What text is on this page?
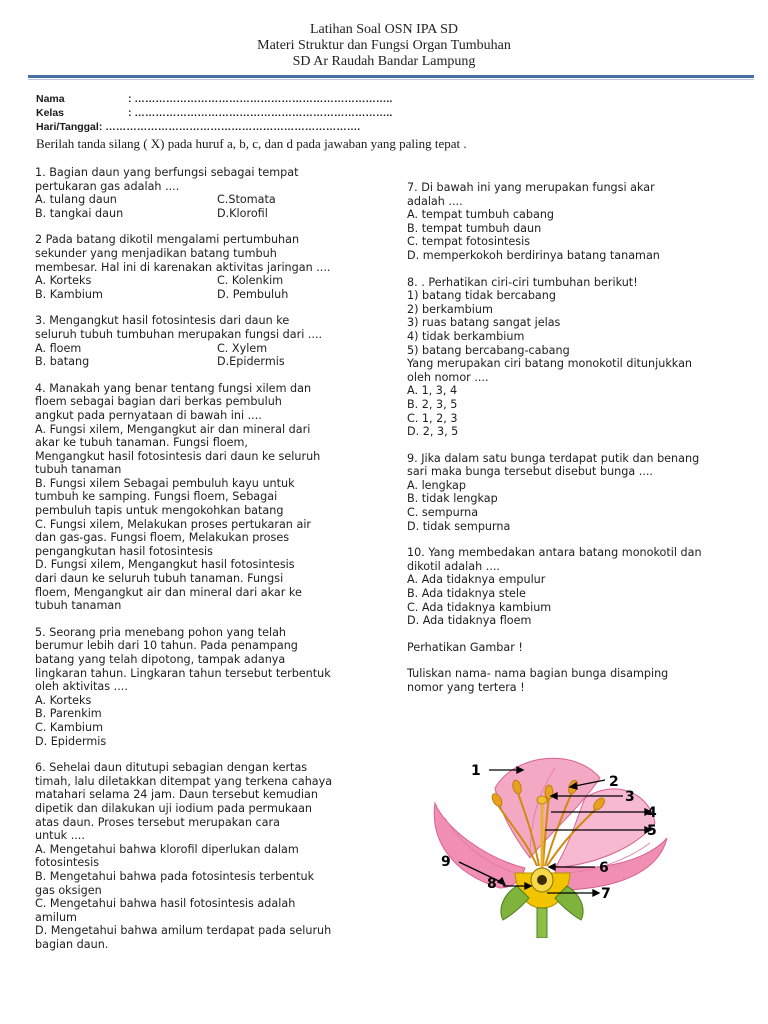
Latihan Soal OSN IPA SD
Materi Struktur dan Fungsi Organ Tumbuhan
SD Ar Raudah Bandar Lampung
Nama	: ………………………………………………………………..
Kelas	: ………………………………………………………………..
Hari/Tanggal: ……………………………………………………………….
Berilah tanda silang ( X) pada huruf a, b, c, dan d pada jawaban yang paling tepat .
1. Bagian daun yang berfungsi sebagai tempat
pertukaran gas adalah ....
A. tulang daun	C.Stomata
B. tangkai daun	D.Klorofil
2 Pada batang dikotil mengalami pertumbuhan
sekunder yang menjadikan batang tumbuh
membesar. Hal ini di karenakan aktivitas jaringan ....
A. Korteks	C. Kolenkim
B. Kambium	D. Pembuluh
3. Mengangkut hasil fotosintesis dari daun ke
seluruh tubuh tumbuhan merupakan fungsi dari ....
A. floem	C. Xylem
B. batang	D.Epidermis
4. Manakah yang benar tentang fungsi xilem dan
floem sebagai bagian dari berkas pembuluh
angkut pada pernyataan di bawah ini ....
A. Fungsi xilem, Mengangkut air dan mineral dari
akar ke tubuh tanaman. Fungsi floem,
Mengangkut hasil fotosintesis dari daun ke seluruh
tubuh tanaman
B. Fungsi xilem Sebagai pembuluh kayu untuk
tumbuh ke samping. Fungsi floem, Sebagai
pembuluh tapis untuk mengokohkan batang
C. Fungsi xilem, Melakukan proses pertukaran air
dan gas-gas. Fungsi floem, Melakukan proses
pengangkutan hasil fotosintesis
D. Fungsi xilem, Mengangkut hasil fotosintesis
dari daun ke seluruh tubuh tanaman. Fungsi
floem, Mengangkut air dan mineral dari akar ke
tubuh tanaman
5. Seorang pria menebang pohon yang telah
berumur lebih dari 10 tahun. Pada penampang
batang yang telah dipotong, tampak adanya
lingkaran tahun. Lingkaran tahun tersebut terbentuk
oleh aktivitas ....
A. Korteks
B. Parenkim
C. Kambium
D. Epidermis
6. Sehelai daun ditutupi sebagian dengan kertas
timah, lalu diletakkan ditempat yang terkena cahaya
matahari selama 24 jam. Daun tersebut kemudian
dipetik dan dilakukan uji iodium pada permukaan
atas daun. Proses tersebut merupakan cara
untuk ....
A. Mengetahui bahwa klorofil diperlukan dalam
fotosintesis
B. Mengetahui bahwa pada fotosintesis terbentuk
gas oksigen
C. Mengetahui bahwa hasil fotosintesis adalah
amilum
D. Mengetahui bahwa amilum terdapat pada seluruh
bagian daun.
7. Di bawah ini yang merupakan fungsi akar
adalah ....
A. tempat tumbuh cabang
B. tempat tumbuh daun
C. tempat fotosintesis
D. memperkokoh berdirinya batang tanaman
8. . Perhatikan ciri-ciri tumbuhan berikut!
1) batang tidak bercabang
2) berkambium
3) ruas batang sangat jelas
4) tidak berkambium
5) batang bercabang-cabang
Yang merupakan ciri batang monokotil ditunjukkan
oleh nomor ....
A. 1, 3, 4
B. 2, 3, 5
C. 1, 2, 3
D. 2, 3, 5
9. Jika dalam satu bunga terdapat putik dan benang
sari maka bunga tersebut disebut bunga ....
A. lengkap
B. tidak lengkap
C. sempurna
D. tidak sempurna
10. Yang membedakan antara batang monokotil dan
dikotil adalah ....
A. Ada tidaknya empulur
B. Ada tidaknya stele
C. Ada tidaknya kambium
D. Ada tidaknya floem
Perhatikan Gambar !
Tuliskan nama- nama bagian bunga disamping
nomor yang tertera !
1
2
3
4
5
6
7
8
9
